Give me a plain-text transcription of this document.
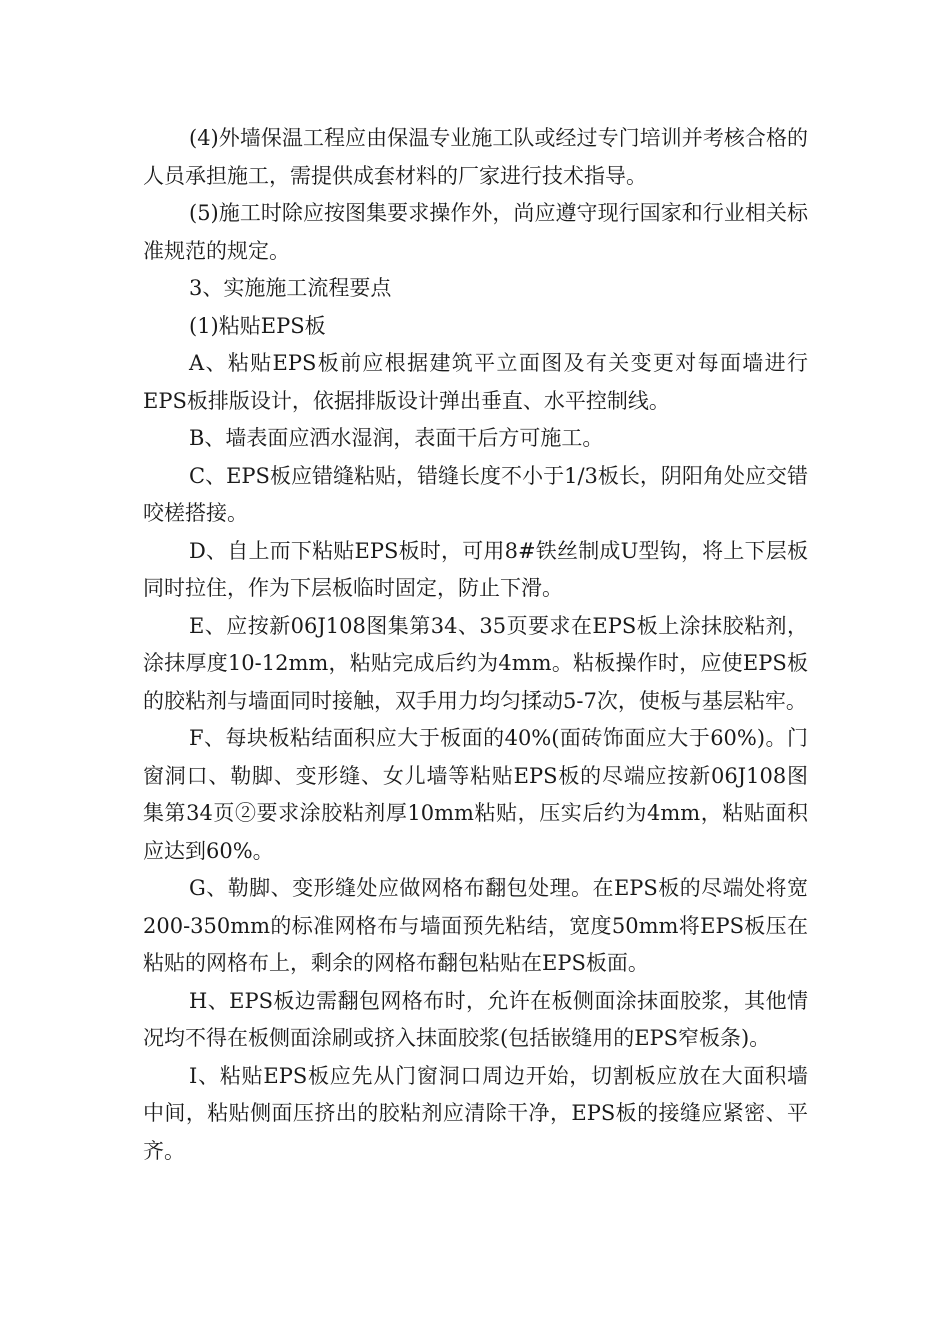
(4)外墙保温工程应由保温专业施工队或经过专门培训并考核合格的人员承担施工，需提供成套材料的厂家进行技术指导。

(5)施工时除应按图集要求操作外，尚应遵守现行国家和行业相关标准规范的规定。

3、实施施工流程要点

(1)粘贴EPS板

A、粘贴EPS板前应根据建筑平立面图及有关变更对每面墙进行EPS板排版设计，依据排版设计弹出垂直、水平控制线。

B、墙表面应洒水湿润，表面干后方可施工。

C、EPS板应错缝粘贴，错缝长度不小于1/3板长，阴阳角处应交错咬槎搭接。

D、自上而下粘贴EPS板时，可用8#铁丝制成U型钩，将上下层板同时拉住，作为下层板临时固定，防止下滑。

E、应按新06J108图集第34、35页要求在EPS板上涂抹胶粘剂，涂抹厚度10-12mm，粘贴完成后约为4mm。粘板操作时，应使EPS板的胶粘剂与墙面同时接触，双手用力均匀揉动5-7次，使板与基层粘牢。

F、每块板粘结面积应大于板面的40%(面砖饰面应大于60%)。门窗洞口、勒脚、变形缝、女儿墙等粘贴EPS板的尽端应按新06J108图集第34页②要求涂胶粘剂厚10mm粘贴，压实后约为4mm，粘贴面积应达到60%。

G、勒脚、变形缝处应做网格布翻包处理。在EPS板的尽端处将宽200-350mm的标准网格布与墙面预先粘结，宽度50mm将EPS板压在粘贴的网格布上，剩余的网格布翻包粘贴在EPS板面。

H、EPS板边需翻包网格布时，允许在板侧面涂抹面胶浆，其他情况均不得在板侧面涂刷或挤入抹面胶浆(包括嵌缝用的EPS窄板条)。

I、粘贴EPS板应先从门窗洞口周边开始，切割板应放在大面积墙中间，粘贴侧面压挤出的胶粘剂应清除干净，EPS板的接缝应紧密、平齐。
